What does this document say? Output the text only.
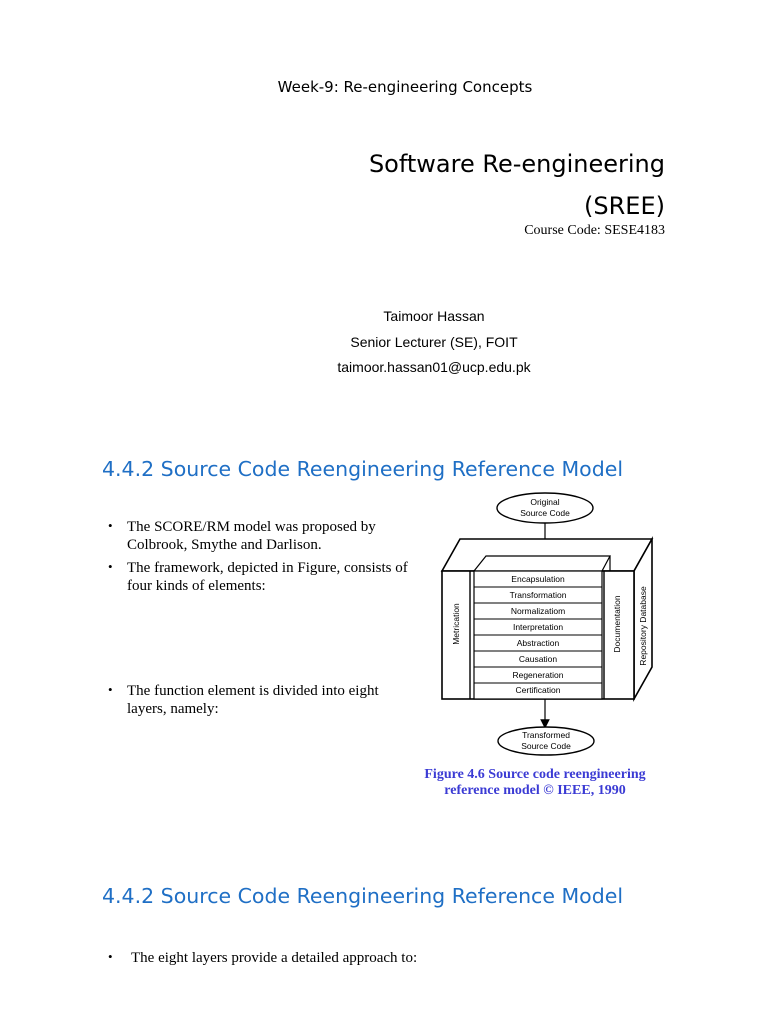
Week-9: Re-engineering Concepts
Software Re-engineering
(SREE)
Course Code: SESE4183
Taimoor Hassan
Senior Lecturer (SE), FOIT
taimoor.hassan01@ucp.edu.pk
4.4.2 Source Code Reengineering Reference Model
• The SCORE/RM model was proposed by
Colbrook, Smythe and Darlison.
• The framework, depicted in Figure, consists of
four kinds of elements:
• The function element is divided into eight
layers, namely:
Original
Source Code
Encapsulation
Transformation
Normalizatiom
Interpretation
Abstraction
Causation
Regeneration
Certification
Metrication	Documentation Repository Database
Transformed
Source Code
Figure 4.6 Source code reengineering
reference model © IEEE, 1990
4.4.2 Source Code Reengineering Reference Model
• The eight layers provide a detailed approach to:
